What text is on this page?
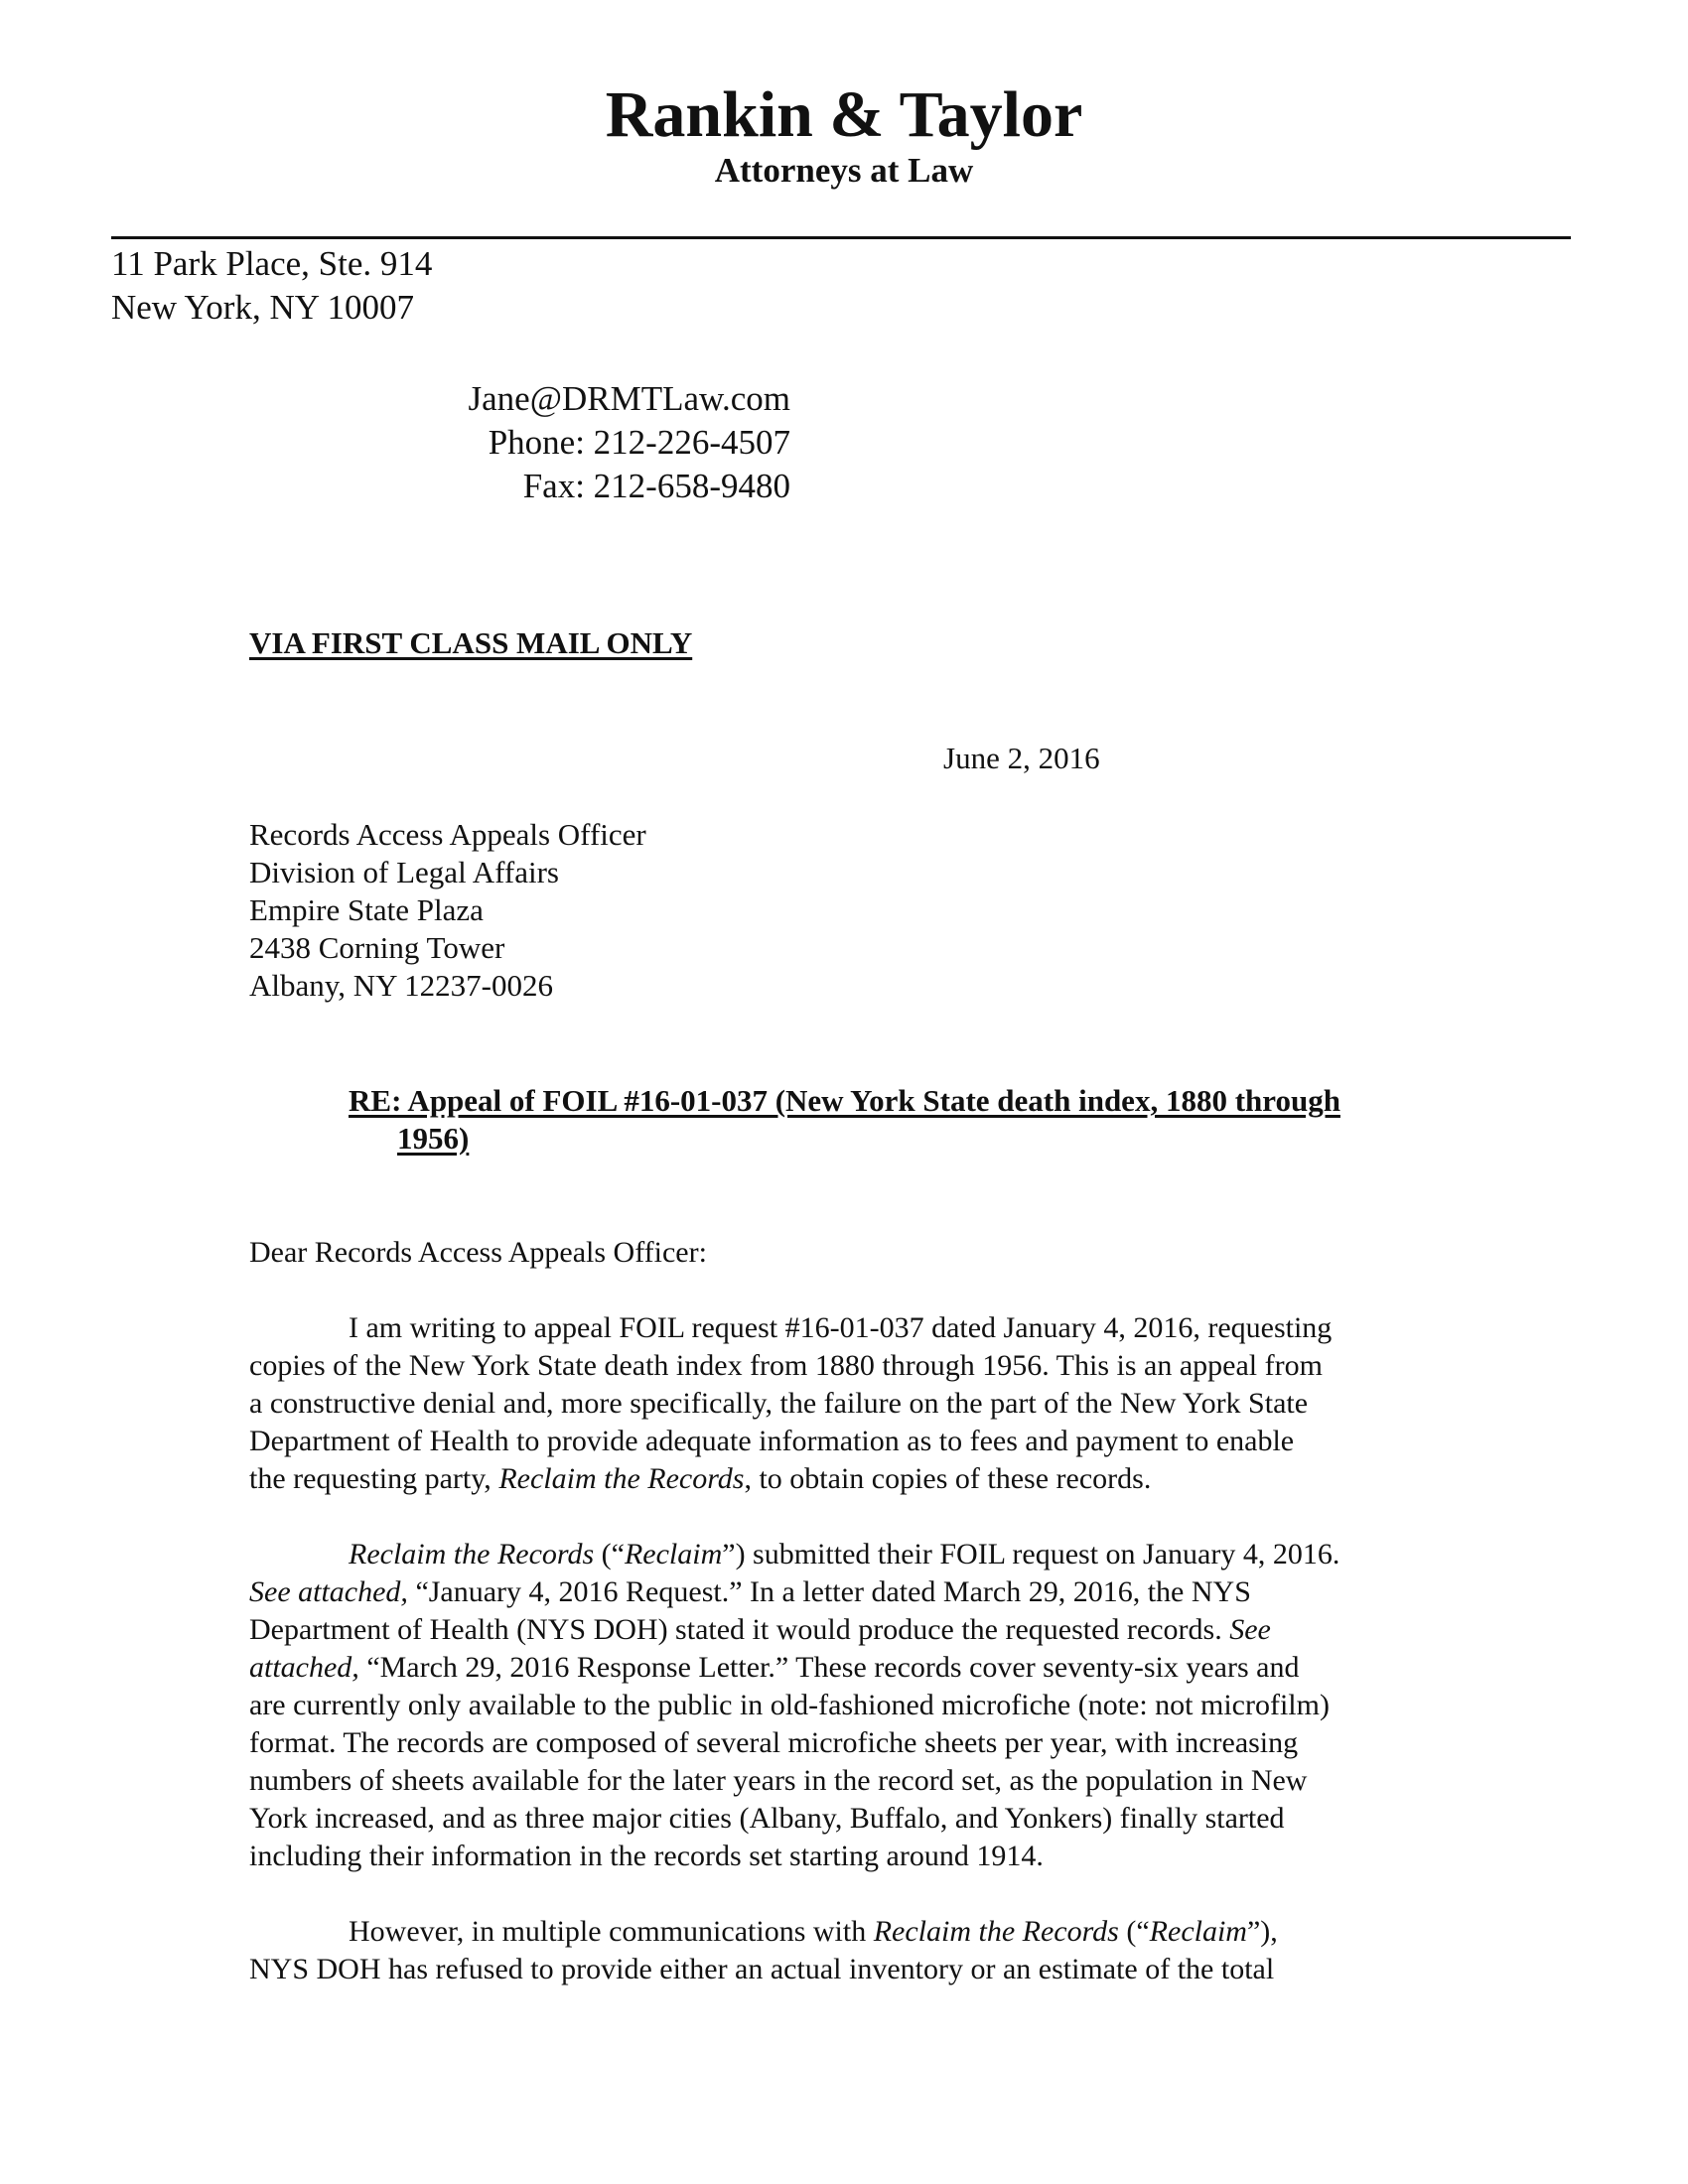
Rankin & Taylor
Attorneys at Law
11 Park Place, Ste. 914
New York, NY 10007
Jane@DRMTLaw.com
Phone: 212-226-4507
Fax: 212-658-9480
VIA FIRST CLASS MAIL ONLY
June 2, 2016
Records Access Appeals Officer
Division of Legal Affairs
Empire State Plaza
2438 Corning Tower
Albany, NY 12237-0026
RE: Appeal of FOIL #16-01-037 (New York State death index, 1880 through
1956)
Dear Records Access Appeals Officer:
I am writing to appeal FOIL request #16-01-037 dated January 4, 2016, requesting
copies of the New York State death index from 1880 through 1956. This is an appeal from
a constructive denial and, more specifically, the failure on the part of the New York State
Department of Health to provide adequate information as to fees and payment to enable
the requesting party, Reclaim the Records, to obtain copies of these records.
Reclaim the Records (“Reclaim”) submitted their FOIL request on January 4, 2016.
See attached, “January 4, 2016 Request.” In a letter dated March 29, 2016, the NYS
Department of Health (NYS DOH) stated it would produce the requested records. See
attached, “March 29, 2016 Response Letter.” These records cover seventy-six years and
are currently only available to the public in old-fashioned microfiche (note: not microfilm)
format. The records are composed of several microfiche sheets per year, with increasing
numbers of sheets available for the later years in the record set, as the population in New
York increased, and as three major cities (Albany, Buffalo, and Yonkers) finally started
including their information in the records set starting around 1914.
However, in multiple communications with Reclaim the Records (“Reclaim”),
NYS DOH has refused to provide either an actual inventory or an estimate of the total
